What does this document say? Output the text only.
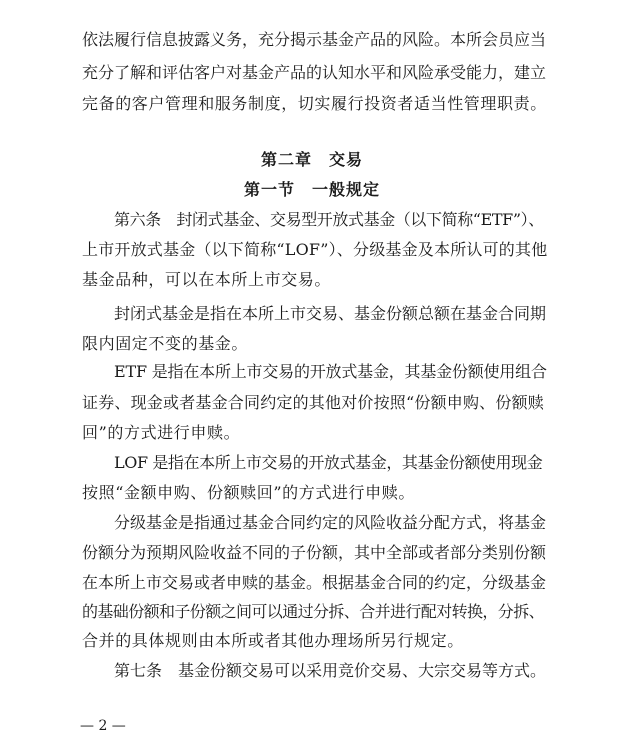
依法履行信息披露义务，充分揭示基金产品的风险。本所会员应当
充分了解和评估客户对基金产品的认知水平和风险承受能力，建立
完备的客户管理和服务制度，切实履行投资者适当性管理职责。
第二章　交易
第一节　一般规定
第六条　封闭式基金、交易型开放式基金（以下简称“ETF”）、
上市开放式基金（以下简称“LOF”）、分级基金及本所认可的其他
基金品种，可以在本所上市交易。
封闭式基金是指在本所上市交易、基金份额总额在基金合同期
限内固定不变的基金。
ETF 是指在本所上市交易的开放式基金，其基金份额使用组合
证券、现金或者基金合同约定的其他对价按照“份额申购、份额赎
回”的方式进行申赎。
LOF 是指在本所上市交易的开放式基金，其基金份额使用现金
按照“金额申购、份额赎回”的方式进行申赎。
分级基金是指通过基金合同约定的风险收益分配方式，将基金
份额分为预期风险收益不同的子份额，其中全部或者部分类别份额
在本所上市交易或者申赎的基金。根据基金合同的约定，分级基金
的基础份额和子份额之间可以通过分拆、合并进行配对转换，分拆、
合并的具体规则由本所或者其他办理场所另行规定。
第七条　基金份额交易可以采用竞价交易、大宗交易等方式。
— 2 —
